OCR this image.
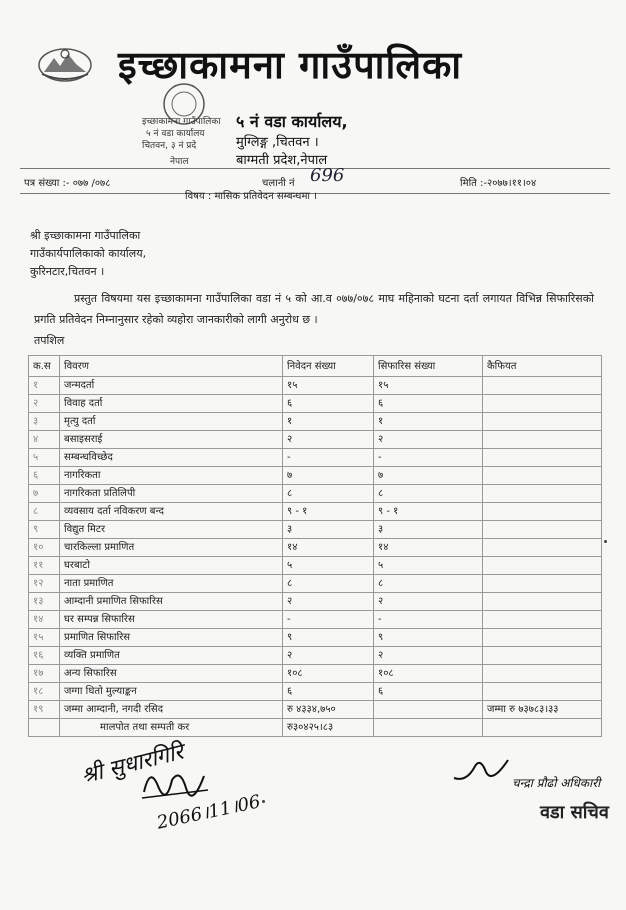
इच्छाकामना गाउँपालिका
इच्छाकामना गाउँपालिका
५ नं वडा कार्यालय
चितवन, ३ नं प्रदे
नेपाल
५ नं वडा कार्यालय,
मुग्लिङ्ग ,चितवन ।
बाग्मती प्रदेश,नेपाल
पत्र संख्या :- ०७७ /०७८	चलानी नं 696	मिति :-२०७७।११।०४
विषय : मासिक प्रतिवेदन सम्बन्धमा ।
श्री इच्छाकामना गाउँपालिका
गाउँकार्यपालिकाको कार्यालय,
कुरिनटार,चितवन ।
प्रस्तुत विषयमा यस इच्छाकामना गाउँपालिका वडा नं ५ को आ.व ०७७/०७८ माघ महिनाको घटना दर्ता लगायत विभिन्न सिफारिसको प्रगति प्रतिवेदन निम्नानुसार रहेको व्यहोरा जानकारीको लागी अनुरोध छ ।
तपशिल
क.स	विवरण	निवेदन संख्या	सिफारिस संख्या	कैफियत
१	जन्मदर्ता	१५	१५	
२	विवाह दर्ता	६	६	
३	मृत्यु दर्ता	१	१	
४	बसाइसराई	२	२	
५	सम्बन्धविच्छेद	-	-	
६	नागरिकता	७	७	
७	नागरिकता प्रतिलिपी	८	८	
८	व्यवसाय दर्ता नविकरण बन्द	९ - १	९ - १	
९	विद्युत मिटर	३	३	
१०	चारकिल्ला प्रमाणित	१४	१४	
११	घरबाटो	५	५	
१२	नाता प्रमाणित	८	८	
१३	आम्दानी प्रमाणित सिफारिस	२	२	
१४	घर सम्पन्न सिफारिस	-	-	
१५	प्रमाणित सिफारिस	९	९	
१६	व्यक्ति प्रमाणित	२	२	
१७	अन्य सिफारिस	१०८	१०८	
१८	जग्गा धितो मुल्याङ्कन	६	६	
१९	जम्मा आम्दानी, नगदी रसिद	रु ४३३४,७५०		जम्मा रु ७३७८३।३३
	मालपोत तथा सम्पती कर	रु३०४२५।८३		
श्री सुधारगिरि
2066।11।06
चन्द्रा प्रौढो अधिकारी
वडा सचिव
